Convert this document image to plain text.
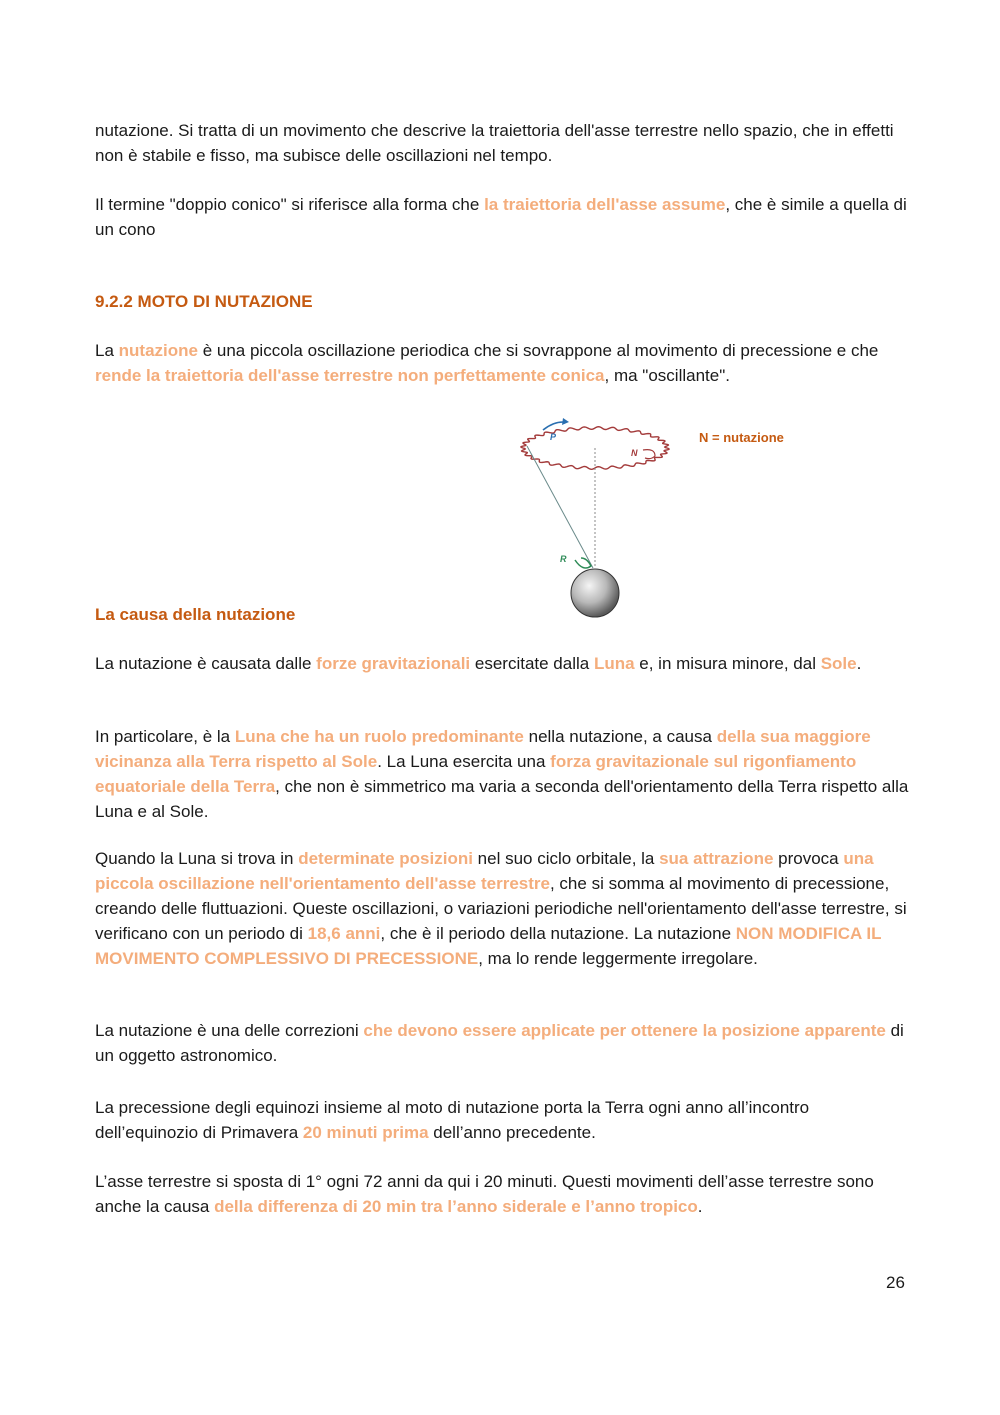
nutazione. Si tratta di un movimento che descrive la traiettoria dell'asse terrestre nello spazio, che in effetti non è stabile e fisso, ma subisce delle oscillazioni nel tempo.

Il termine "doppio conico" si riferisce alla forma che la traiettoria dell'asse assume, che è simile a quella di un cono

9.2.2 MOTO DI NUTAZIONE

La nutazione è una piccola oscillazione periodica che si sovrappone al movimento di precessione e che rende la traiettoria dell'asse terrestre non perfettamente conica, ma "oscillante".

P
N
R
N = nutazione
La causa della nutazione

La nutazione è causata dalle forze gravitazionali esercitate dalla Luna e, in misura minore, dal Sole.

In particolare, è la Luna che ha un ruolo predominante nella nutazione, a causa della sua maggiore vicinanza alla Terra rispetto al Sole. La Luna esercita una forza gravitazionale sul rigonfiamento equatoriale della Terra, che non è simmetrico ma varia a seconda dell'orientamento della Terra rispetto alla Luna e al Sole.

Quando la Luna si trova in determinate posizioni nel suo ciclo orbitale, la sua attrazione provoca una piccola oscillazione nell'orientamento dell'asse terrestre, che si somma al movimento di precessione, creando delle fluttuazioni. Queste oscillazioni, o variazioni periodiche nell'orientamento dell'asse terrestre, si verificano con un periodo di 18,6 anni, che è il periodo della nutazione. La nutazione NON MODIFICA IL MOVIMENTO COMPLESSIVO DI PRECESSIONE, ma lo rende leggermente irregolare.

La nutazione è una delle correzioni che devono essere applicate per ottenere la posizione apparente di un oggetto astronomico.

La precessione degli equinozi insieme al moto di nutazione porta la Terra ogni anno all’incontro dell’equinozio di Primavera 20 minuti prima dell’anno precedente.

L’asse terrestre si sposta di 1° ogni 72 anni da qui i 20 minuti. Questi movimenti dell’asse terrestre sono anche la causa della differenza di 20 min tra l’anno siderale e l’anno tropico.

26
